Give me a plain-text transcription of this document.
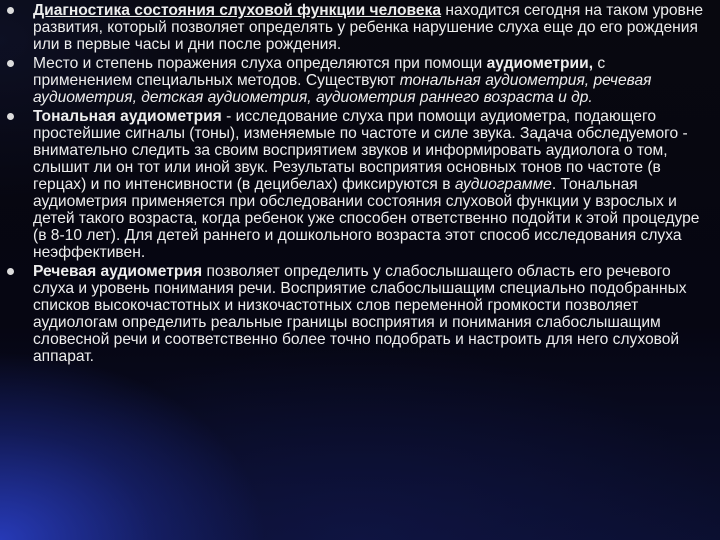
Диагностика состояния слуховой функции человека находится сегодня на таком уровне развития, который позволяет определять у ребенка нарушение слуха еще до его рождения или в первые часы и дни после рождения.
Место и степень поражения слуха определяются при помощи аудиометрии, с применением специальных методов. Существуют тональная аудиометрия, речевая аудиометрия, детская аудиометрия, аудиометрия раннего возраста и др.
Тональная аудиометрия - исследование слуха при помощи аудиометра, подающего простейшие сигналы (тоны), изменяемые по частоте и силе звука. Задача обследуемого - внимательно следить за своим восприятием звуков и информировать аудиолога о том, слышит ли он тот или иной звук. Результаты восприятия основных тонов по частоте (в герцах) и по интенсивности (в децибелах) фиксируются в аудиограмме. Тональная аудиометрия применяется при обследовании состояния слуховой функции у взрослых и детей такого возраста, когда ребенок уже способен ответственно подойти к этой процедуре (в 8-10 лет). Для детей раннего и дошкольного возраста этот способ исследования слуха неэффективен.
Речевая аудиометрия позволяет определить у слабослышащего область его речевого слуха и уровень понимания речи. Восприятие слабослышащим специально подобранных списков высокочастотных и низкочастотных слов переменной громкости позволяет аудиологам определить реальные границы восприятия и понимания слабослышащим словесной речи и соответственно более точно подобрать и настроить для него слуховой аппарат.
